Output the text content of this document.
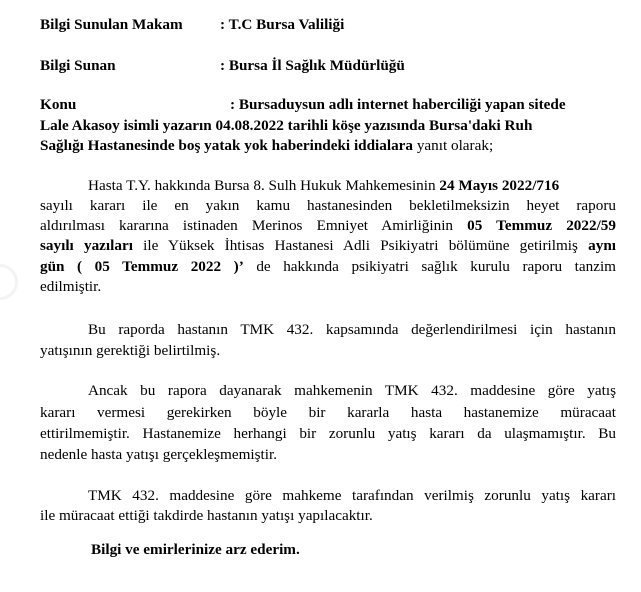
Bilgi Sunulan Makam : T.C Bursa Valiliği
Bilgi Sunan	: Bursa İl Sağlık Müdürlüğü
Konu	: Bursaduysun adlı internet haberciliği yapan sitede
Lale Akasoy isimli yazarın 04.08.2022 tarihli köşe yazısında Bursa'daki Ruh
Sağlığı Hastanesinde boş yatak yok haberindeki iddialara yanıt olarak;
Hasta T.Y. hakkında Bursa 8. Sulh Hukuk Mahkemesinin 24 Mayıs 2022/716
sayılı kararı ile en yakın kamu hastanesinden bekletilmeksizin heyet raporu
aldırılması kararına istinaden Merinos Emniyet Amirliğinin 05 Temmuz 2022/59
sayılı yazıları ile Yüksek İhtisas Hastanesi Adli Psikiyatri bölümüne getirilmiş aynı
gün ( 05 Temmuz 2022 )’ de hakkında psikiyatri sağlık kurulu raporu tanzim
edilmiştir.
Bu raporda hastanın TMK 432. kapsamında değerlendirilmesi için hastanın
yatışının gerektiği belirtilmiş.
Ancak bu rapora dayanarak mahkemenin TMK 432. maddesine göre yatış
kararı vermesi gerekirken böyle bir kararla hasta hastanemize müracaat
ettirilmemiştir. Hastanemize herhangi bir zorunlu yatış kararı da ulaşmamıştır. Bu
nedenle hasta yatışı gerçekleşmemiştir.
TMK 432. maddesine göre mahkeme tarafından verilmiş zorunlu yatış kararı
ile müracaat ettiği takdirde hastanın yatışı yapılacaktır.
Bilgi ve emirlerinize arz ederim.
